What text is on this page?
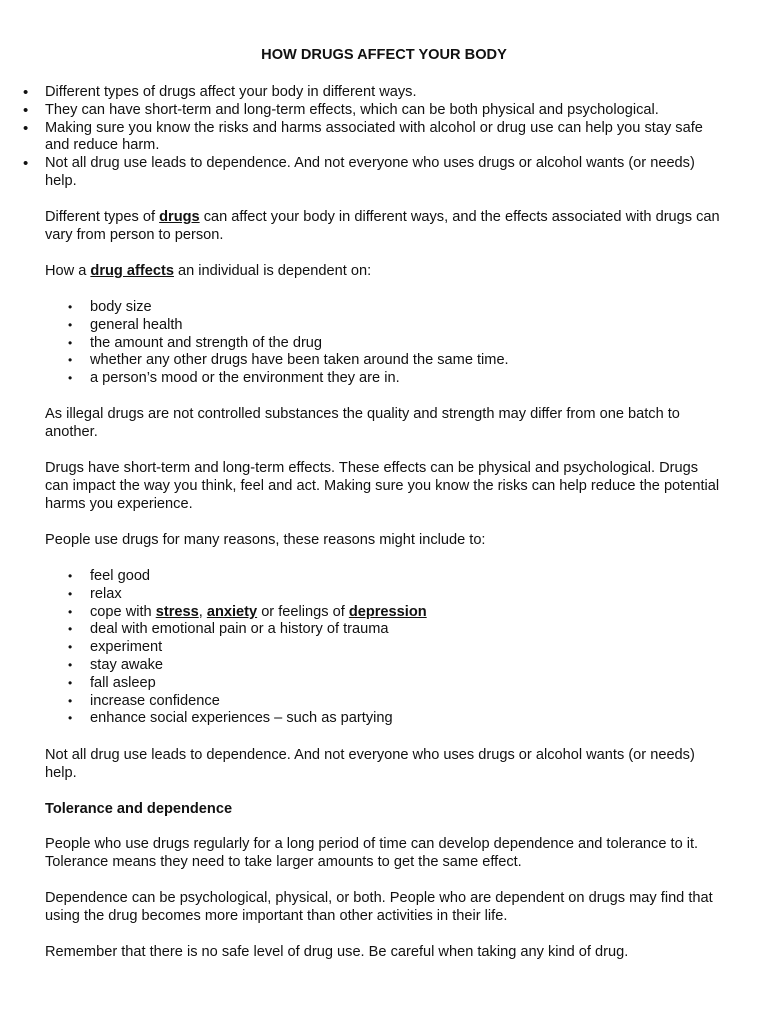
HOW DRUGS AFFECT YOUR BODY
• Different types of drugs affect your body in different ways.
• They can have short-term and long-term effects, which can be both physical and psychological.
• Making sure you know the risks and harms associated with alcohol or drug use can help you stay safe and reduce harm.
• Not all drug use leads to dependence. And not everyone who uses drugs or alcohol wants (or needs) help.

Different types of drugs can affect your body in different ways, and the effects associated with drugs can vary from person to person.

How a drug affects an individual is dependent on:

• body size
• general health
• the amount and strength of the drug
• whether any other drugs have been taken around the same time.
• a person’s mood or the environment they are in.

As illegal drugs are not controlled substances the quality and strength may differ from one batch to another.

Drugs have short-term and long-term effects. These effects can be physical and psychological. Drugs can impact the way you think, feel and act. Making sure you know the risks can help reduce the potential harms you experience.

People use drugs for many reasons, these reasons might include to:

• feel good
• relax
• cope with stress, anxiety or feelings of depression
• deal with emotional pain or a history of trauma
• experiment
• stay awake
• fall asleep
• increase confidence
• enhance social experiences – such as partying

Not all drug use leads to dependence. And not everyone who uses drugs or alcohol wants (or needs) help.

Tolerance and dependence

People who use drugs regularly for a long period of time can develop dependence and tolerance to it. Tolerance means they need to take larger amounts to get the same effect.

Dependence can be psychological, physical, or both. People who are dependent on drugs may find that using the drug becomes more important than other activities in their life.

Remember that there is no safe level of drug use. Be careful when taking any kind of drug.
